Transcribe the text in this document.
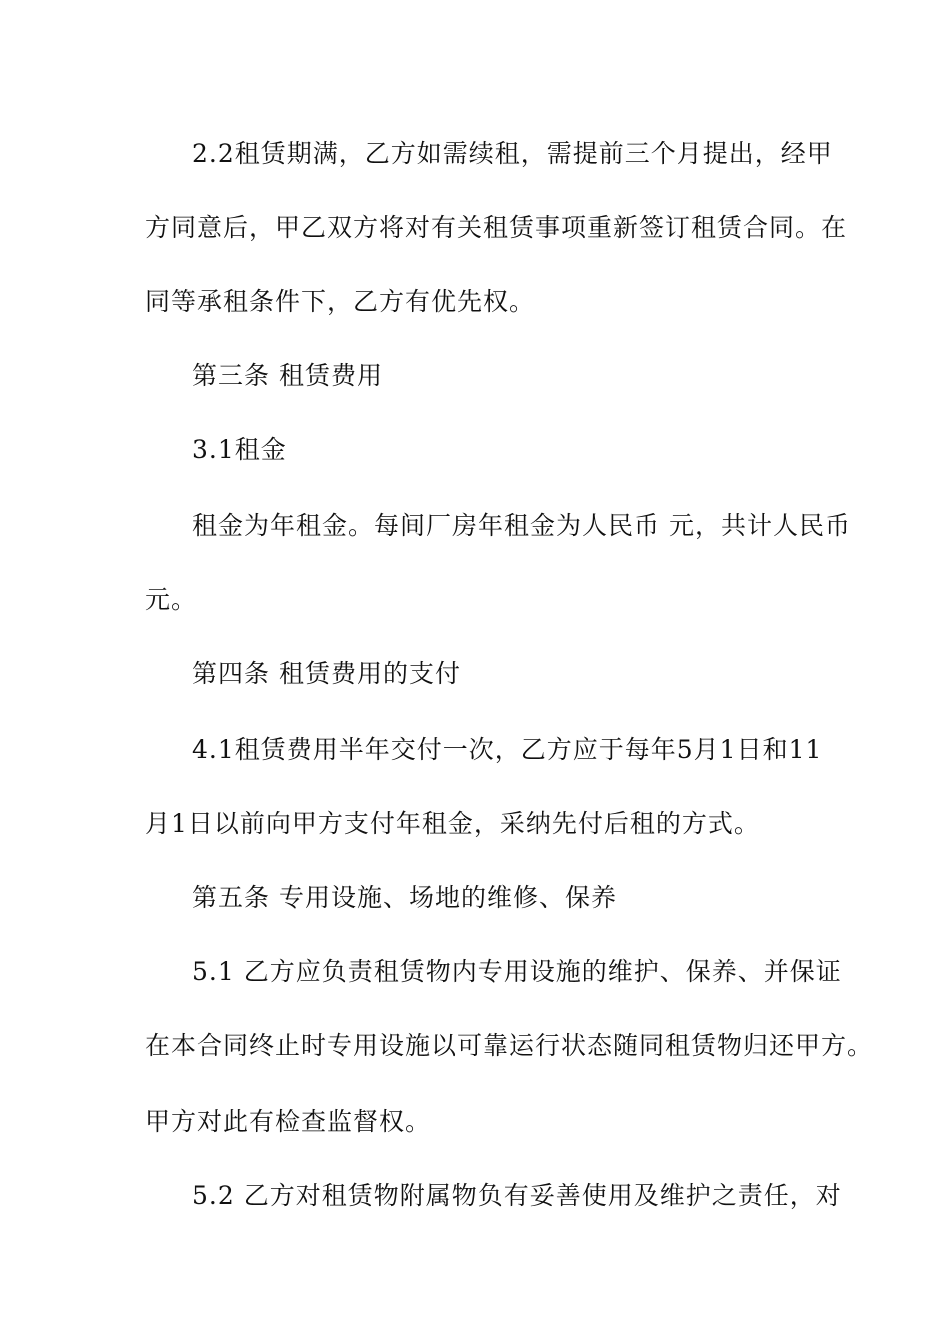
2.2租赁期满，乙方如需续租，需提前三个月提出，经甲
方同意后，甲乙双方将对有关租赁事项重新签订租赁合同。在
同等承租条件下，乙方有优先权。
第三条 租赁费用
3.1租金
租金为年租金。每间厂房年租金为人民币 元，共计人民币
元。
第四条 租赁费用的支付
4.1租赁费用半年交付一次，乙方应于每年5月1日和11
月1日以前向甲方支付年租金，采纳先付后租的方式。
第五条 专用设施、场地的维修、保养
5.1 乙方应负责租赁物内专用设施的维护、保养、并保证
在本合同终止时专用设施以可靠运行状态随同租赁物归还甲方。
甲方对此有检查监督权。
5.2 乙方对租赁物附属物负有妥善使用及维护之责任，对
